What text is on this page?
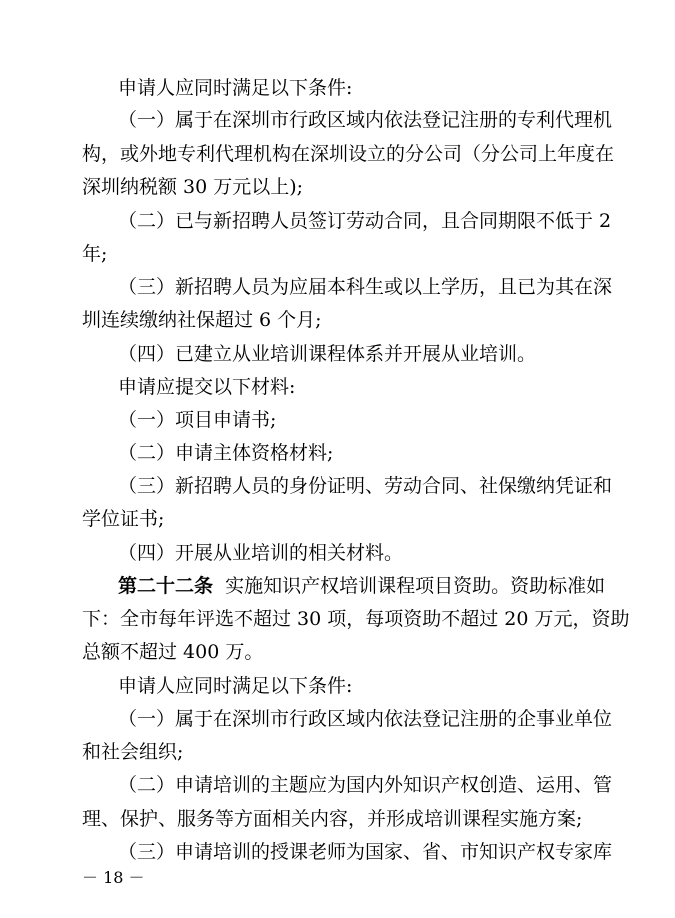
申请人应同时满足以下条件:
（一）属于在深圳市行政区域内依法登记注册的专利代理机
构，或外地专利代理机构在深圳设立的分公司（分公司上年度在
深圳纳税额 30 万元以上);
（二）已与新招聘人员签订劳动合同，且合同期限不低于 2
年;
（三）新招聘人员为应届本科生或以上学历，且已为其在深
圳连续缴纳社保超过 6 个月;
（四）已建立从业培训课程体系并开展从业培训。
申请应提交以下材料:
（一）项目申请书;
（二）申请主体资格材料;
（三）新招聘人员的身份证明、劳动合同、社保缴纳凭证和
学位证书;
（四）开展从业培训的相关材料。
第二十二条  实施知识产权培训课程项目资助。资助标准如
下：全市每年评选不超过 30 项，每项资助不超过 20 万元，资助
总额不超过 400 万。
申请人应同时满足以下条件:
（一）属于在深圳市行政区域内依法登记注册的企事业单位
和社会组织;
（二）申请培训的主题应为国内外知识产权创造、运用、管
理、保护、服务等方面相关内容，并形成培训课程实施方案;
（三）申请培训的授课老师为国家、省、市知识产权专家库
－ 18 －
